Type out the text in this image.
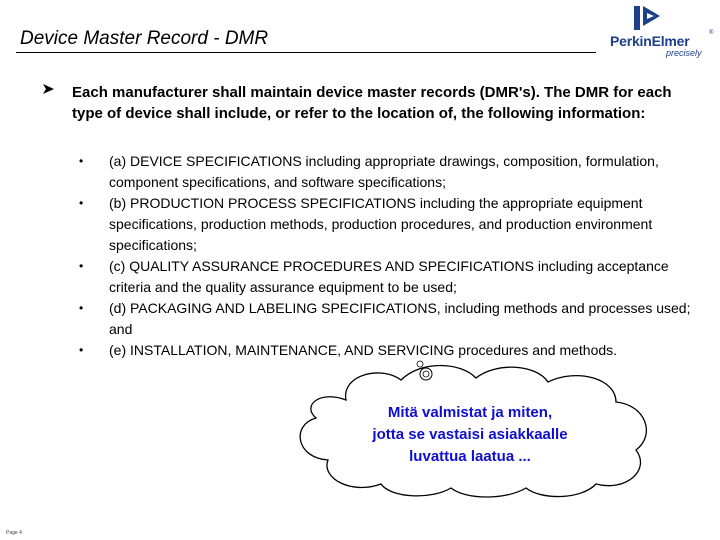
Device Master Record - DMR	PerkinElmer	®
precisely
Each manufacturer shall maintain device master records (DMR's). The DMR for each type of device shall include, or refer to the location of, the following information:
• (a) DEVICE SPECIFICATIONS including appropriate drawings, composition, formulation, component specifications, and software specifications;
• (b) PRODUCTION PROCESS SPECIFICATIONS including the appropriate equipment specifications, production methods, production procedures, and production environment specifications;
• (c) QUALITY ASSURANCE PROCEDURES AND SPECIFICATIONS including acceptance criteria and the quality assurance equipment to be used;
• (d) PACKAGING AND LABELING SPECIFICATIONS, including methods and processes used; and
• (e) INSTALLATION, MAINTENANCE, AND SERVICING procedures and methods.
Mitä valmistat ja miten,
jotta se vastaisi asiakkaalle
luvattua laatua ...
Page 4
